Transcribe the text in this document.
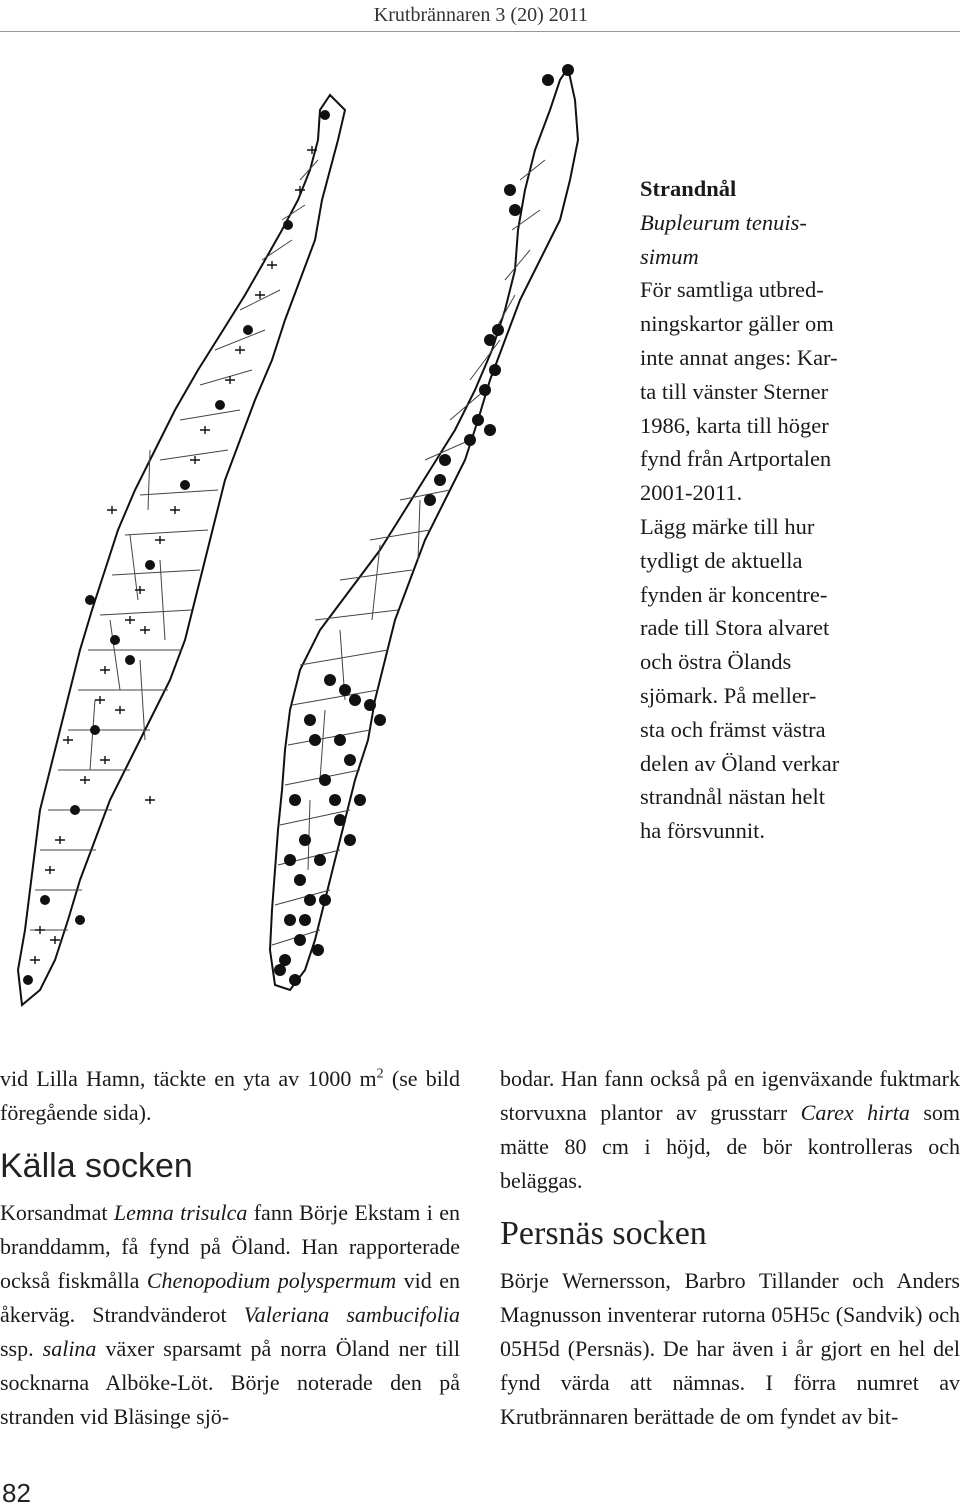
Krutbrännaren 3 (20) 2011
Strandnål
Bupleurum tenuis-
simum
För samtliga utbred-
ningskartor gäller om
inte annat anges: Kar-
ta till vänster Sterner
1986, karta till höger
fynd från Artportalen
2001-2011.
Lägg märke till hur
tydligt de aktuella
fynden är koncentre-
rade till Stora alvaret
och östra Ölands
sjömark. På meller-
sta och främst västra
delen av Öland verkar
strandnål nästan helt
ha försvunnit.

vid Lilla Hamn, täckte en yta av 1000 $m^2$ (se bild föregående sida).

Källa socken

Korsandmat Lemna trisulca fann Börje Ekstam i en branddamm, få fynd på Öland. Han rapporterade också fiskmålla Chenopodium polyspermum vid en åkerväg. Strandvänderot Valeriana sambucifolia ssp. salina växer sparsamt på norra Öland ner till socknarna Alböke-Löt. Börje noterade den på stranden vid Bläsinge sjö-

bodar. Han fann också på en igenväxande fuktmark storvuxna plantor av grusstarr Carex hirta som mätte 80 cm i höjd, de bör kontrolleras och beläggas.

Persnäs socken

Börje Wernersson, Barbro Tillander och Anders Magnusson inventerar rutorna 05H5c (Sandvik) och 05H5d (Persnäs). De har även i år gjort en hel del fynd värda att nämnas. I förra numret av Krutbrännaren berättade de om fyndet av bit-

82
